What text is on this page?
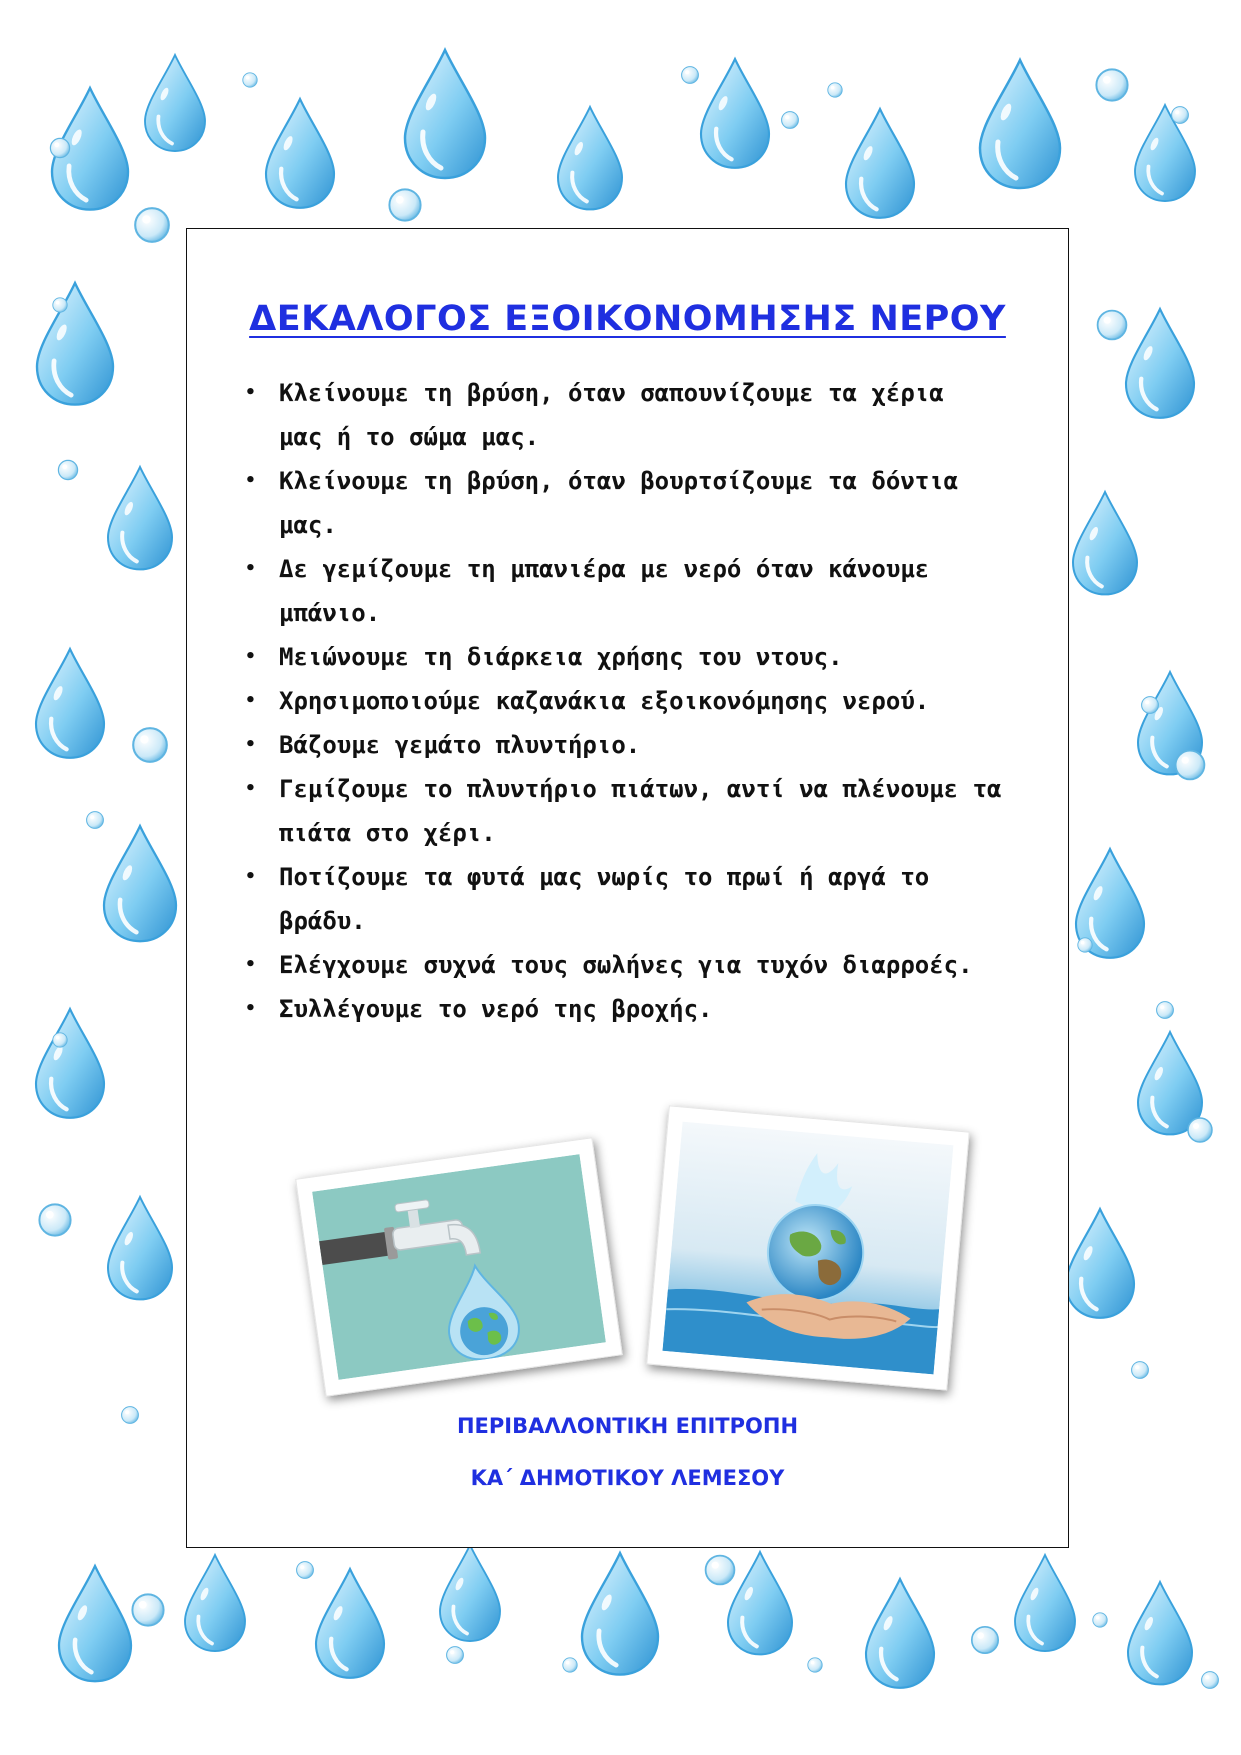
ΔΕΚΑΛΟΓΟΣ ΕΞΟΙΚΟΝΟΜΗΣΗΣ ΝΕΡΟΥ
• Κλείνουμε τη βρύση, όταν σαπουνίζουμε τα χέρια
μας ή το σώμα μας.
• Κλείνουμε τη βρύση, όταν βουρτσίζουμε τα δόντια
μας.
• Δε γεμίζουμε τη μπανιέρα με νερό όταν κάνουμε
μπάνιο.
• Μειώνουμε τη διάρκεια χρήσης του ντους.
• Χρησιμοποιούμε καζανάκια εξοικονόμησης νερού.
• Βάζουμε γεμάτο πλυντήριο.
• Γεμίζουμε το πλυντήριο πιάτων, αντί να πλένουμε τα
πιάτα στο χέρι.
• Ποτίζουμε τα φυτά μας νωρίς το πρωί ή αργά το
βράδυ.
• Ελέγχουμε συχνά τους σωλήνες για τυχόν διαρροές.
• Συλλέγουμε το νερό της βροχής.

ΠΕΡΙΒΑΛΛΟΝΤΙΚΗ ΕΠΙΤΡΟΠΗ

ΚΑ΄ ΔΗΜΟΤΙΚΟΥ ΛΕΜΕΣΟΥ
